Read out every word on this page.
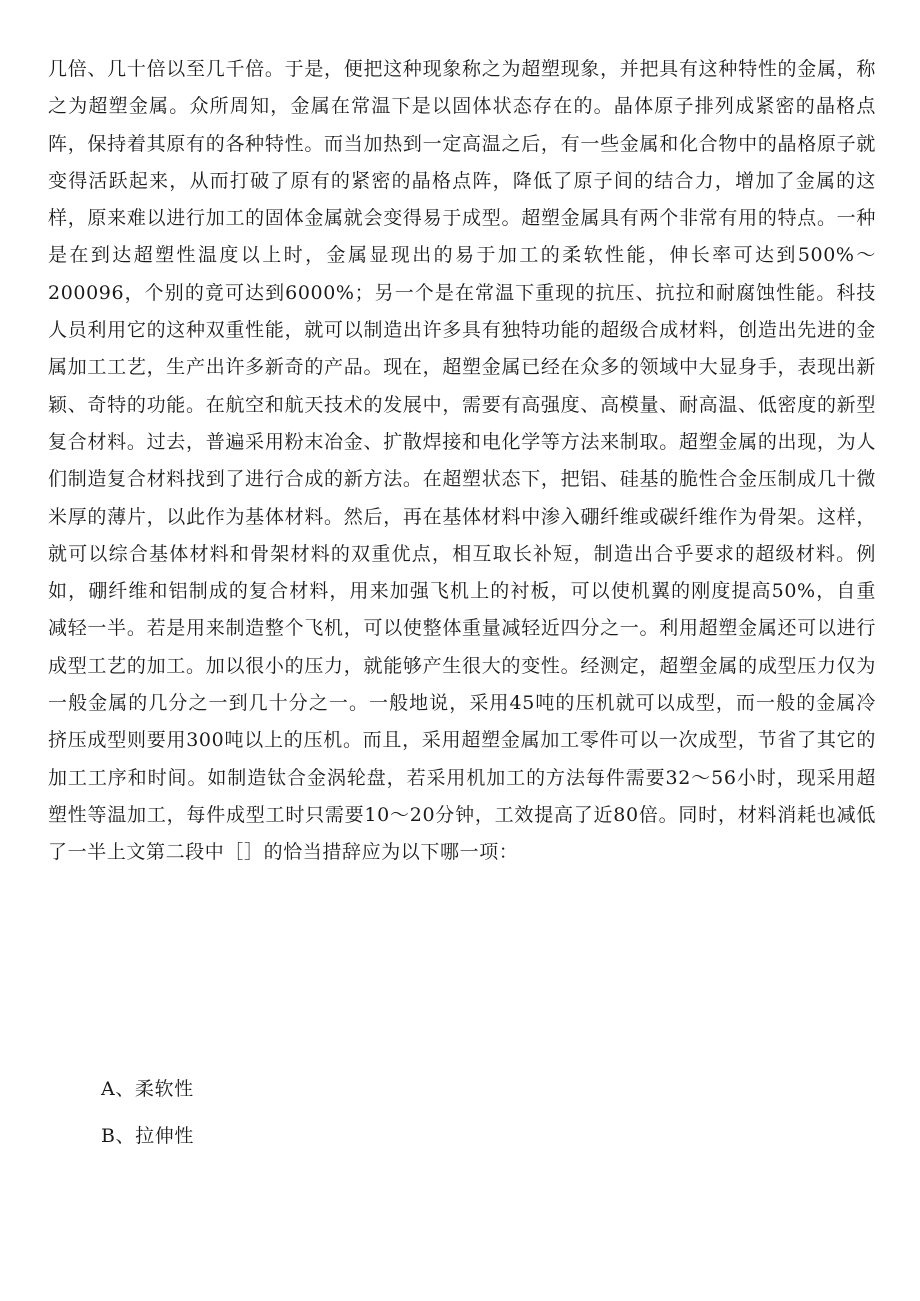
几倍、几十倍以至几千倍。于是，便把这种现象称之为超塑现象，并把具有这种特性的金属，称之为超塑金属。众所周知，金属在常温下是以固体状态存在的。晶体原子排列成紧密的晶格点阵，保持着其原有的各种特性。而当加热到一定高温之后，有一些金属和化合物中的晶格原子就变得活跃起来，从而打破了原有的紧密的晶格点阵，降低了原子间的结合力，增加了金属的这样，原来难以进行加工的固体金属就会变得易于成型。超塑金属具有两个非常有用的特点。一种是在到达超塑性温度以上时，金属显现出的易于加工的柔软性能，伸长率可达到500%～200096，个别的竟可达到6000%；另一个是在常温下重现的抗压、抗拉和耐腐蚀性能。科技人员利用它的这种双重性能，就可以制造出许多具有独特功能的超级合成材料，创造出先进的金属加工工艺，生产出许多新奇的产品。现在，超塑金属已经在众多的领域中大显身手，表现出新颖、奇特的功能。在航空和航天技术的发展中，需要有高强度、高模量、耐高温、低密度的新型复合材料。过去，普遍采用粉末冶金、扩散焊接和电化学等方法来制取。超塑金属的出现，为人们制造复合材料找到了进行合成的新方法。在超塑状态下，把铝、硅基的脆性合金压制成几十微米厚的薄片，以此作为基体材料。然后，再在基体材料中渗入硼纤维或碳纤维作为骨架。这样，就可以综合基体材料和骨架材料的双重优点，相互取长补短，制造出合乎要求的超级材料。例如，硼纤维和铝制成的复合材料，用来加强飞机上的衬板，可以使机翼的刚度提高50%，自重减轻一半。若是用来制造整个飞机，可以使整体重量减轻近四分之一。利用超塑金属还可以进行成型工艺的加工。加以很小的压力，就能够产生很大的变性。经测定，超塑金属的成型压力仅为一般金属的几分之一到几十分之一。一般地说，采用45吨的压机就可以成型，而一般的金属冷挤压成型则要用300吨以上的压机。而且，采用超塑金属加工零件可以一次成型，节省了其它的加工工序和时间。如制造钛合金涡轮盘，若采用机加工的方法每件需要32～56小时，现采用超塑性等温加工，每件成型工时只需要10～20分钟，工效提高了近80倍。同时，材料消耗也减低了一半上文第二段中［］的恰当措辞应为以下哪一项：

A、柔软性

B、拉伸性
